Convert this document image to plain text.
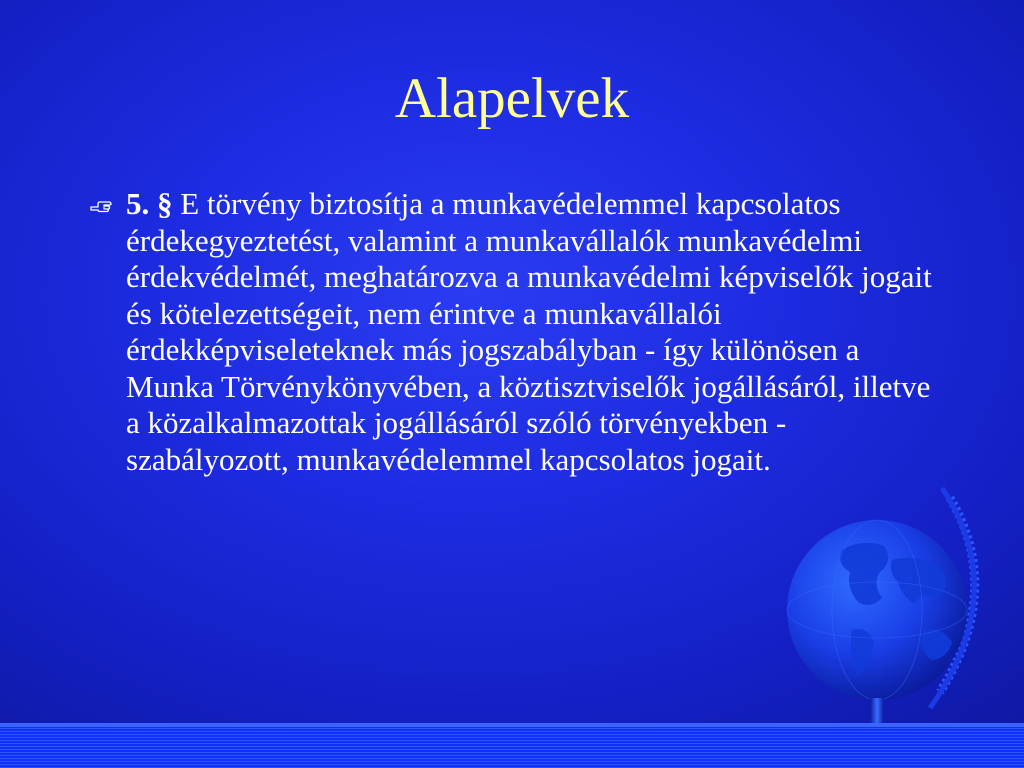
Alapelvek
5. § E törvény biztosítja a munkavédelemmel kapcsolatos érdekegyeztetést, valamint a munkavállalók munkavédelmi érdekvédelmét, meghatározva a munkavédelmi képviselők jogait és kötelezettségeit, nem érintve a munkavállalói érdekképviseleteknek más jogszabályban - így különösen a Munka Törvénykönyvében, a köztisztviselők jogállásáról, illetve a közalkalmazottak jogállásáról szóló törvényekben - szabályozott, munkavédelemmel kapcsolatos jogait.
